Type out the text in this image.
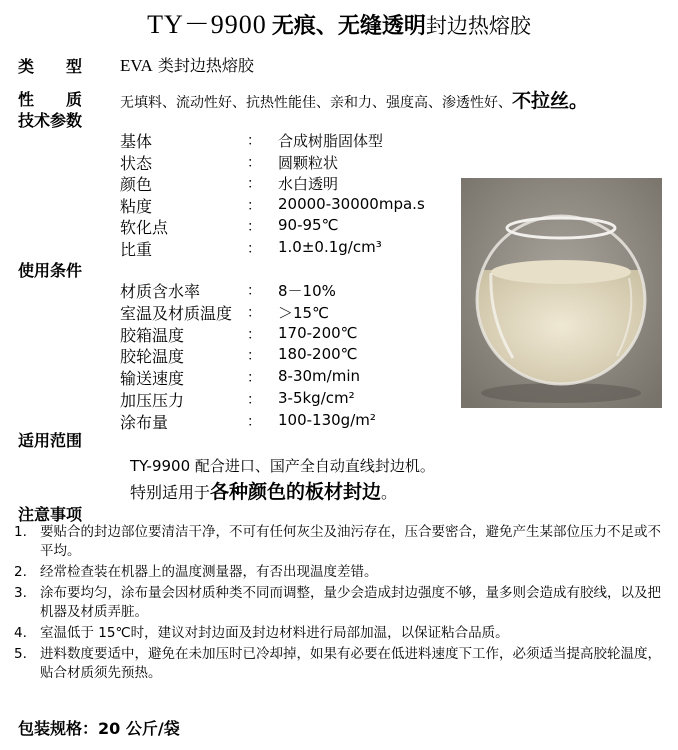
TY－9900 无痕、无缝透明封边热熔胶
类　　型 EVA 类封边热熔胶
性　　质	无填料、流动性好、抗热性能佳、亲和力、强度高、渗透性好、不拉丝。
技术参数
基体	： 合成树脂固体型
状态	： 圆颗粒状
颜色	： 水白透明
粘度	： 20000-30000mpa.s
软化点	： 90-95℃
比重	： 1.0±0.1g/cm³
使用条件
材质含水率	： 8－10%
室温及材质温度 ： ＞15℃
胶箱温度	： 170-200℃
胶轮温度	： 180-200℃
输送速度	： 8-30m/min
加压压力	： 3-5kg/cm²
涂布量	： 100-130g/m²
适用范围
TY-9900 配合进口、国产全自动直线封边机。
特别适用于各种颜色的板材封边。
注意事项
1. 要贴合的封边部位要清洁干净，不可有任何灰尘及油污存在，压合要密合，避免产生某部位压力不足或不平均。
2. 经常检查装在机器上的温度测量器，有否出现温度差错。
3. 涂布要均匀，涂布量会因材质种类不同而调整，量少会造成封边强度不够，量多则会造成有胶线，以及把机器及材质弄脏。
4. 室温低于 15℃时，建议对封边面及封边材料进行局部加温，以保证粘合品质。
5. 进料数度要适中，避免在未加压时已冷却掉，如果有必要在低进料速度下工作，必须适当提高胶轮温度，贴合材质须先预热。
包装规格：20 公斤/袋
